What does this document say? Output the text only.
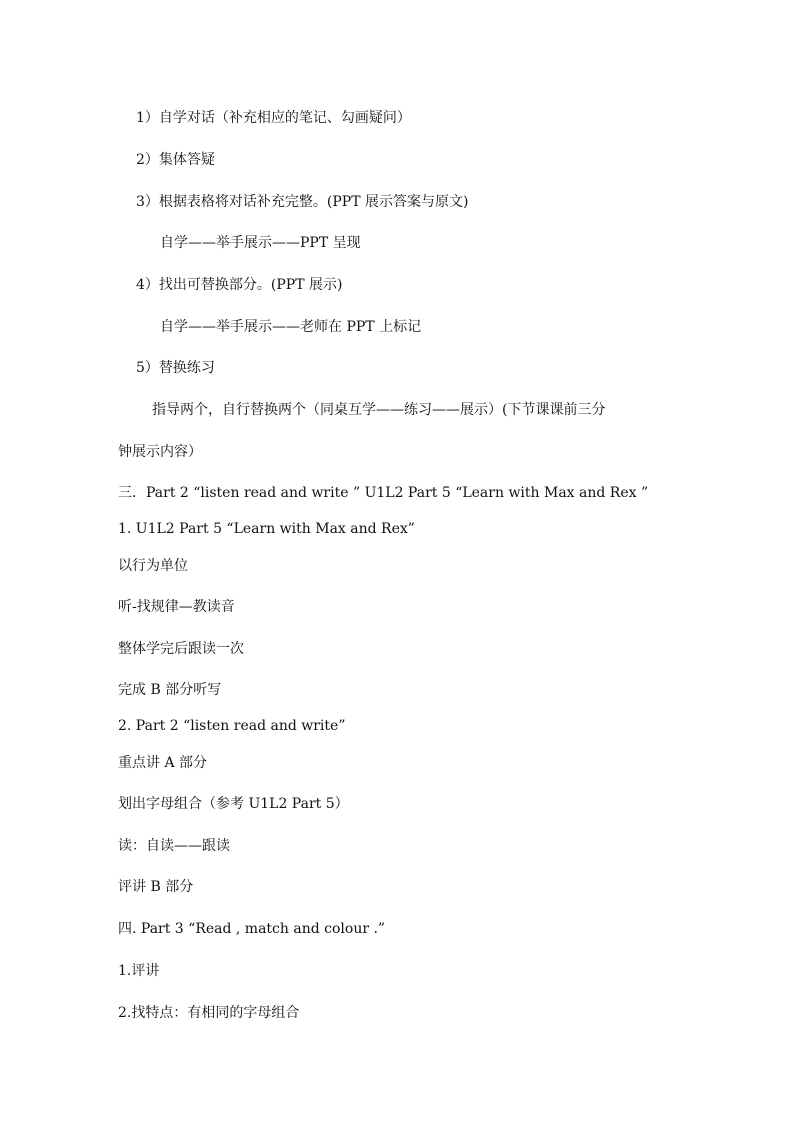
1）自学对话（补充相应的笔记、勾画疑问）
2）集体答疑
3）根据表格将对话补充完整。(PPT 展示答案与原文)
自学——举手展示——PPT 呈现
4）找出可替换部分。(PPT 展示)
自学——举手展示——老师在 PPT 上标记
5）替换练习
指导两个，自行替换两个（同桌互学——练习——展示）(下节课课前三分
钟展示内容）
三．Part 2 “listen read and write ” U1L2 Part 5 “Learn with Max and Rex ”
1. U1L2 Part 5 “Learn with Max and Rex”
以行为单位
听-找规律—教读音
整体学完后跟读一次
完成 B 部分听写
2. Part 2 “listen read and write”
重点讲 A 部分
划出字母组合（参考 U1L2 Part 5）
读：自读——跟读
评讲 B 部分
四. Part 3 “Read , match and colour .”
1.评讲
2.找特点：有相同的字母组合
